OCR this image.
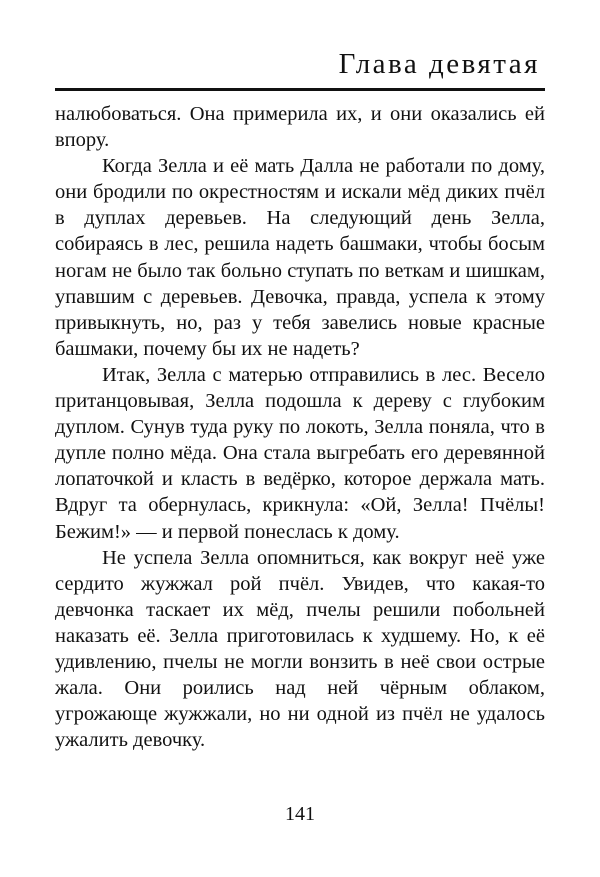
Глава девятая

налюбоваться. Она примерила их, и они оказались ей впору.

Когда Зелла и её мать Далла не работали по дому, они бродили по окрестностям и искали мёд диких пчёл в дуплах деревьев. На следующий день Зелла, собираясь в лес, решила надеть башмаки, чтобы босым ногам не было так больно ступать по веткам и шишкам, упавшим с деревьев. Девочка, правда, успела к этому привыкнуть, но, раз у тебя завелись новые красные башмаки, почему бы их не надеть?

Итак, Зелла с матерью отправились в лес. Весело пританцовывая, Зелла подошла к дереву с глубоким дуплом. Сунув туда руку по локоть, Зелла поняла, что в дупле полно мёда. Она стала выгребать его деревянной лопаточкой и класть в ведёрко, которое держала мать. Вдруг та обернулась, крикнула: «Ой, Зелла! Пчёлы! Бежим!» — и первой понеслась к дому.

Не успела Зелла опомниться, как вокруг неё уже сердито жужжал рой пчёл. Увидев, что какая-то девчонка таскает их мёд, пчелы решили побольней наказать её. Зелла приготовилась к худшему. Но, к её удивлению, пчелы не могли вонзить в неё свои острые жала. Они роились над ней чёрным облаком, угрожающе жужжали, но ни одной из пчёл не удалось ужалить девочку.

141
